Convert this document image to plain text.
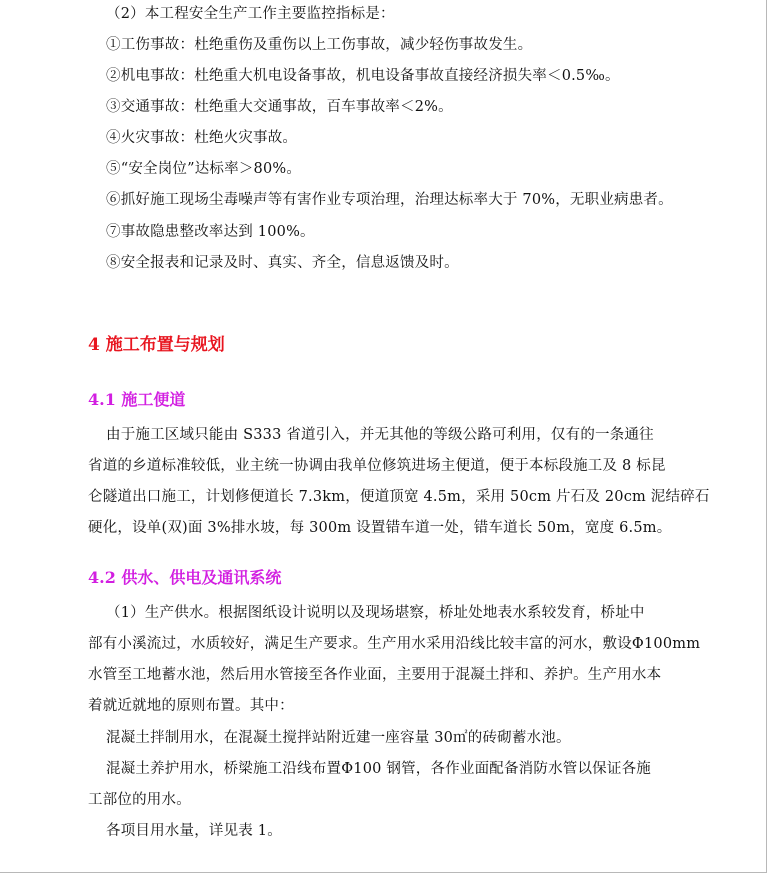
（2）本工程安全生产工作主要监控指标是：
①工伤事故：杜绝重伤及重伤以上工伤事故，减少轻伤事故发生。
②机电事故：杜绝重大机电设备事故，机电设备事故直接经济损失率＜0.5‰。
③交通事故：杜绝重大交通事故，百车事故率＜2%。
④火灾事故：杜绝火灾事故。
⑤“安全岗位”达标率＞80%。
⑥抓好施工现场尘毒噪声等有害作业专项治理，治理达标率大于 70%，无职业病患者。
⑦事故隐患整改率达到 100%。
⑧安全报表和记录及时、真实、齐全，信息返馈及时。
4 施工布置与规划
4.1 施工便道
由于施工区域只能由 S333 省道引入，并无其他的等级公路可利用，仅有的一条通往
省道的乡道标准较低，业主统一协调由我单位修筑进场主便道，便于本标段施工及 8 标昆
仑隧道出口施工，计划修便道长 7.3km，便道顶宽 4.5m，采用 50cm 片石及 20cm 泥结碎石
硬化，设单(双)面 3%排水坡，每 300m 设置错车道一处，错车道长 50m，宽度 6.5m。
4.2 供水、供电及通讯系统
（1）生产供水。根据图纸设计说明以及现场堪察，桥址处地表水系较发育，桥址中
部有小溪流过，水质较好，满足生产要求。生产用水采用沿线比较丰富的河水，敷设Φ100mm
水管至工地蓄水池，然后用水管接至各作业面，主要用于混凝土拌和、养护。生产用水本
着就近就地的原则布置。其中：
混凝土拌制用水，在混凝土搅拌站附近建一座容量 30㎡的砖砌蓄水池。
混凝土养护用水，桥梁施工沿线布置Φ100 钢管，各作业面配备消防水管以保证各施
工部位的用水。
各项目用水量，详见表 1。
